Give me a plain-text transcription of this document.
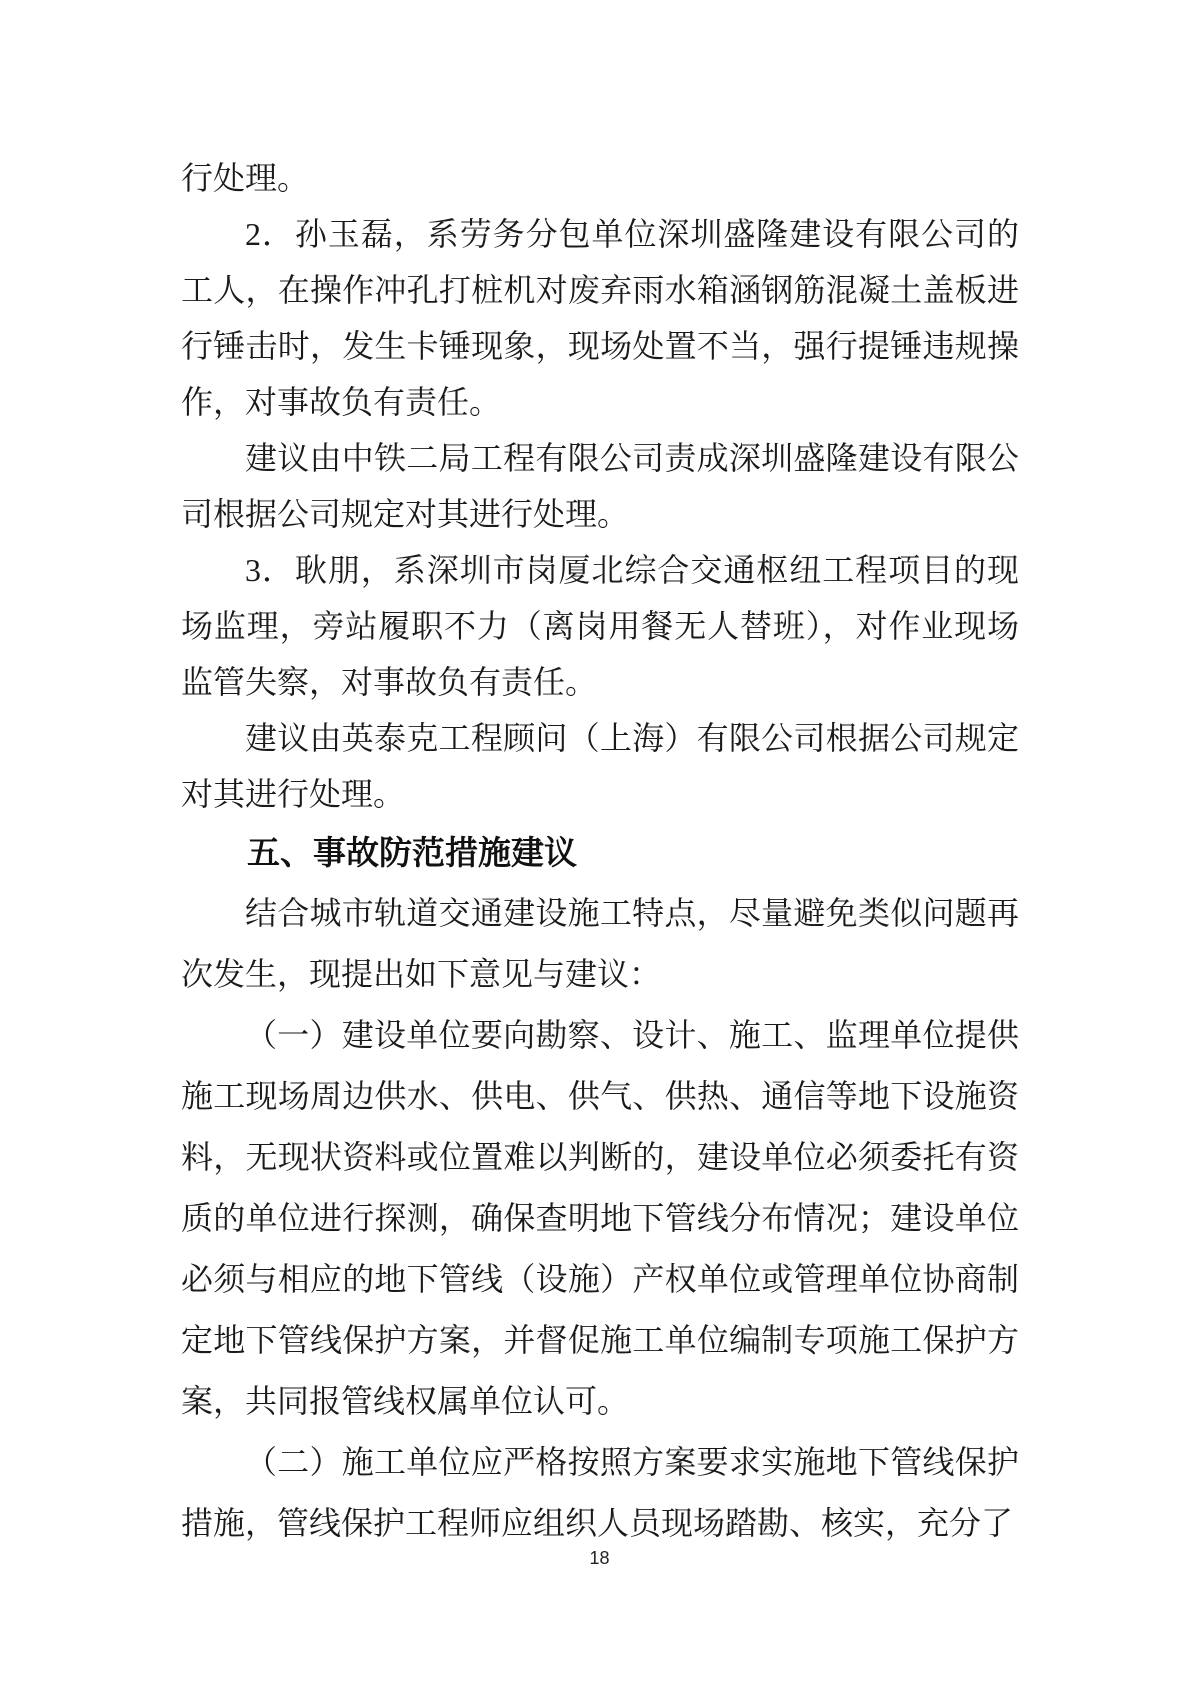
行处理。

2．孙玉磊，系劳务分包单位深圳盛隆建设有限公司的工人，在操作冲孔打桩机对废弃雨水箱涵钢筋混凝土盖板进行锤击时，发生卡锤现象，现场处置不当，强行提锤违规操作，对事故负有责任。

建议由中铁二局工程有限公司责成深圳盛隆建设有限公司根据公司规定对其进行处理。

3．耿朋，系深圳市岗厦北综合交通枢纽工程项目的现场监理，旁站履职不力（离岗用餐无人替班），对作业现场监管失察，对事故负有责任。

建议由英泰克工程顾问（上海）有限公司根据公司规定对其进行处理。

五、事故防范措施建议

结合城市轨道交通建设施工特点，尽量避免类似问题再次发生，现提出如下意见与建议：

（一）建设单位要向勘察、设计、施工、监理单位提供施工现场周边供水、供电、供气、供热、通信等地下设施资料，无现状资料或位置难以判断的，建设单位必须委托有资质的单位进行探测，确保查明地下管线分布情况；建设单位必须与相应的地下管线（设施）产权单位或管理单位协商制定地下管线保护方案，并督促施工单位编制专项施工保护方案，共同报管线权属单位认可。

（二）施工单位应严格按照方案要求实施地下管线保护措施，管线保护工程师应组织人员现场踏勘、核实，充分了

18
